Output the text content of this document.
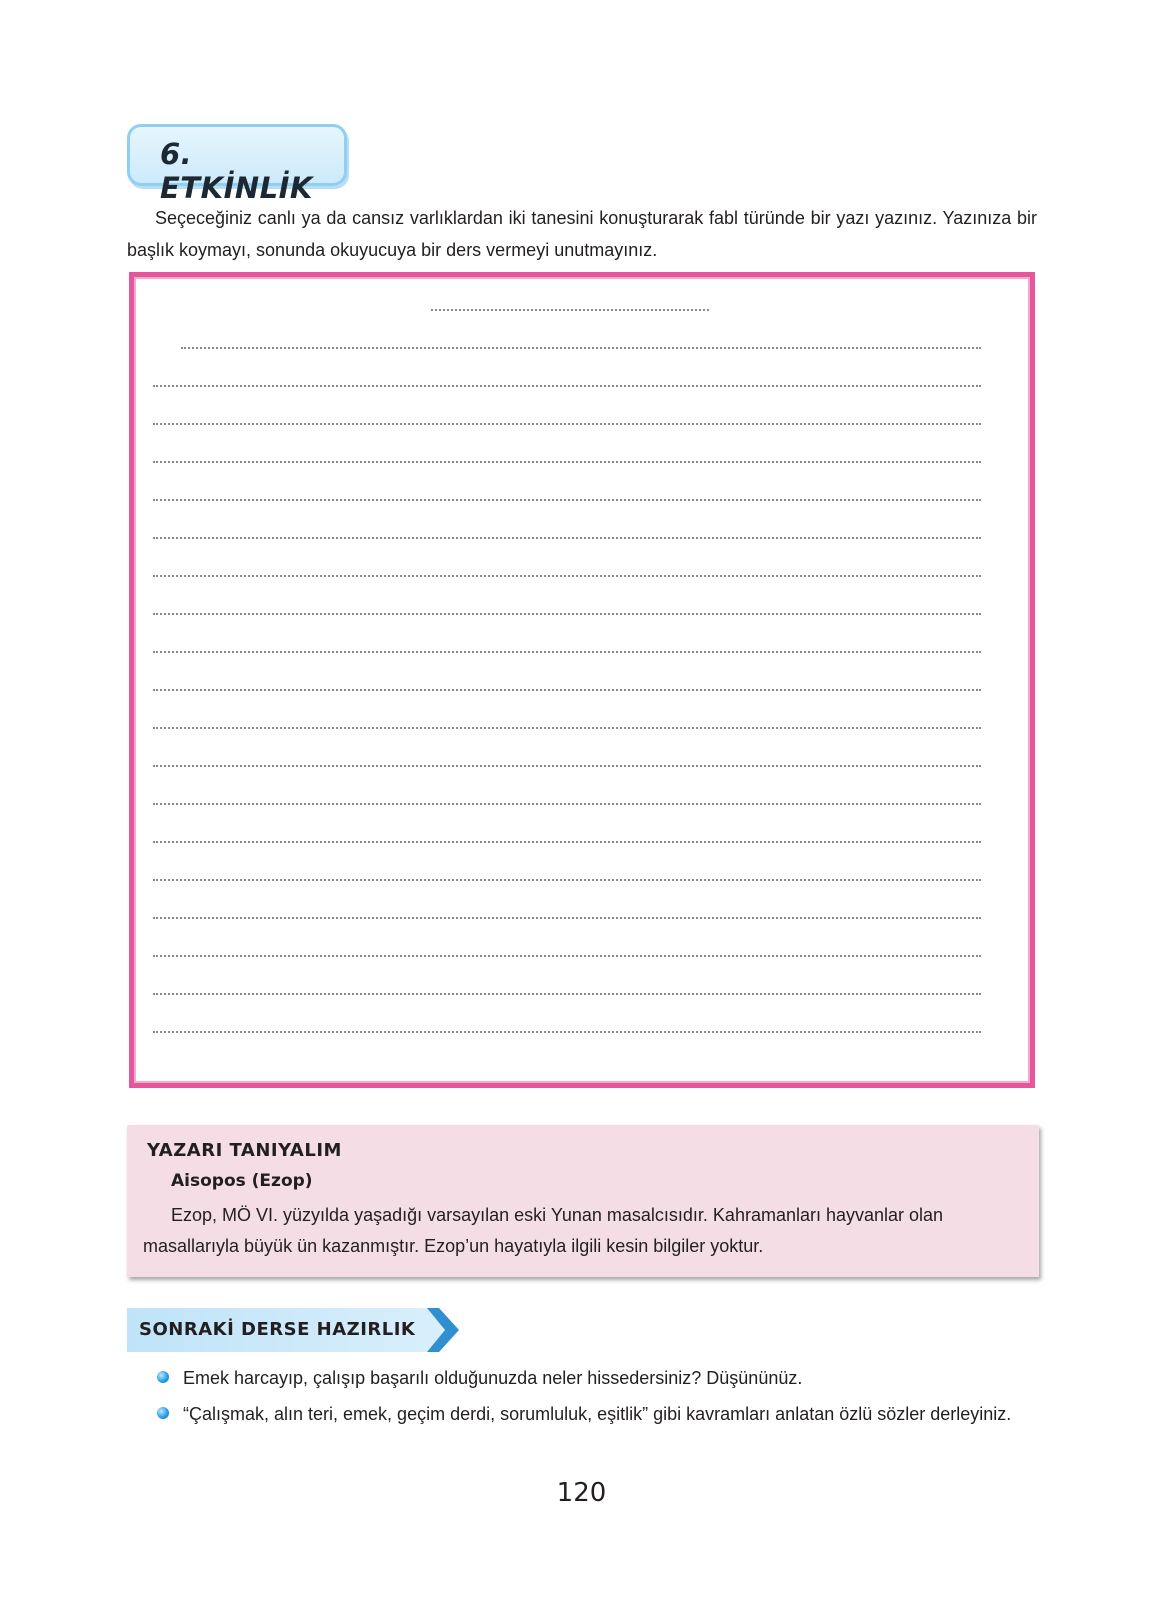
6. ETKİNLİK

Seçeceğiniz canlı ya da cansız varlıklardan iki tanesini konuşturarak fabl türünde bir yazı yazınız. Yazınıza bir başlık koymayı, sonunda okuyucuya bir ders vermeyi unutmayınız.

YAZARI TANIYALIM
Aisopos (Ezop)

Ezop, MÖ VI. yüzyılda yaşadığı varsayılan eski Yunan masalcısıdır. Kahramanları hayvanlar olan masallarıyla büyük ün kazanmıştır. Ezop’un hayatıyla ilgili kesin bilgiler yoktur.

SONRAKİ DERSE HAZIRLIK

Emek harcayıp, çalışıp başarılı olduğunuzda neler hissedersiniz? Düşününüz.

“Çalışmak, alın teri, emek, geçim derdi, sorumluluk, eşitlik” gibi kavramları anlatan özlü sözler derleyiniz.

120
